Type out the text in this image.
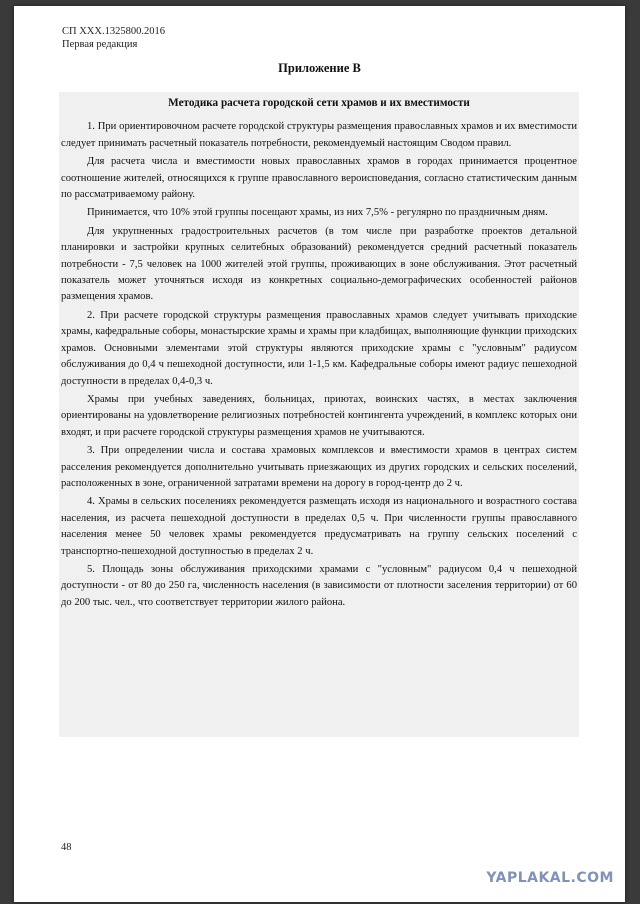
СП ХХХ.1325800.2016
Первая редакция
Приложение В
Методика расчета городской сети храмов и их вместимости

1. При ориентировочном расчете городской структуры размещения православных храмов и их вместимости следует принимать расчетный показатель потребности, рекомендуемый настоящим Сводом правил.

Для расчета числа и вместимости новых православных храмов в городах принимается процентное соотношение жителей, относящихся к группе православного вероисповедания, согласно статистическим данным по рассматриваемому району.

Принимается, что 10% этой группы посещают храмы, из них 7,5% - регулярно по праздничным дням.

Для укрупненных градостроительных расчетов (в том числе при разработке проектов детальной планировки и застройки крупных селитебных образований) рекомендуется средний расчетный показатель потребности - 7,5 человек на 1000 жителей этой группы, проживающих в зоне обслуживания. Этот расчетный показатель может уточняться исходя из конкретных социально-демографических особенностей районов размещения храмов.

2. При расчете городской структуры размещения православных храмов следует учитывать приходские храмы, кафедральные соборы, монастырские храмы и храмы при кладбищах, выполняющие функции приходских храмов. Основными элементами этой структуры являются приходские храмы с "условным" радиусом обслуживания до 0,4 ч пешеходной доступности, или 1-1,5 км. Кафедральные соборы имеют радиус пешеходной доступности в пределах 0,4-0,3 ч.

Храмы при учебных заведениях, больницах, приютах, воинских частях, в местах заключения ориентированы на удовлетворение религиозных потребностей контингента учреждений, в комплекс которых они входят, и при расчете городской структуры размещения храмов не учитываются.

3. При определении числа и состава храмовых комплексов и вместимости храмов в центрах систем расселения рекомендуется дополнительно учитывать приезжающих из других городских и сельских поселений, расположенных в зоне, ограниченной затратами времени на дорогу в город-центр до 2 ч.

4. Храмы в сельских поселениях рекомендуется размещать исходя из национального и возрастного состава населения, из расчета пешеходной доступности в пределах 0,5 ч. При численности группы православного населения менее 50 человек храмы рекомендуется предусматривать на группу сельских поселений с транспортно-пешеходной доступностью в пределах 2 ч.

5. Площадь зоны обслуживания приходскими храмами с "условным" радиусом 0,4 ч пешеходной доступности - от 80 до 250 га, численность населения (в зависимости от плотности заселения территории) от 60 до 200 тыс. чел., что соответствует территории жилого района.

48
YAPLAKAL.COM
